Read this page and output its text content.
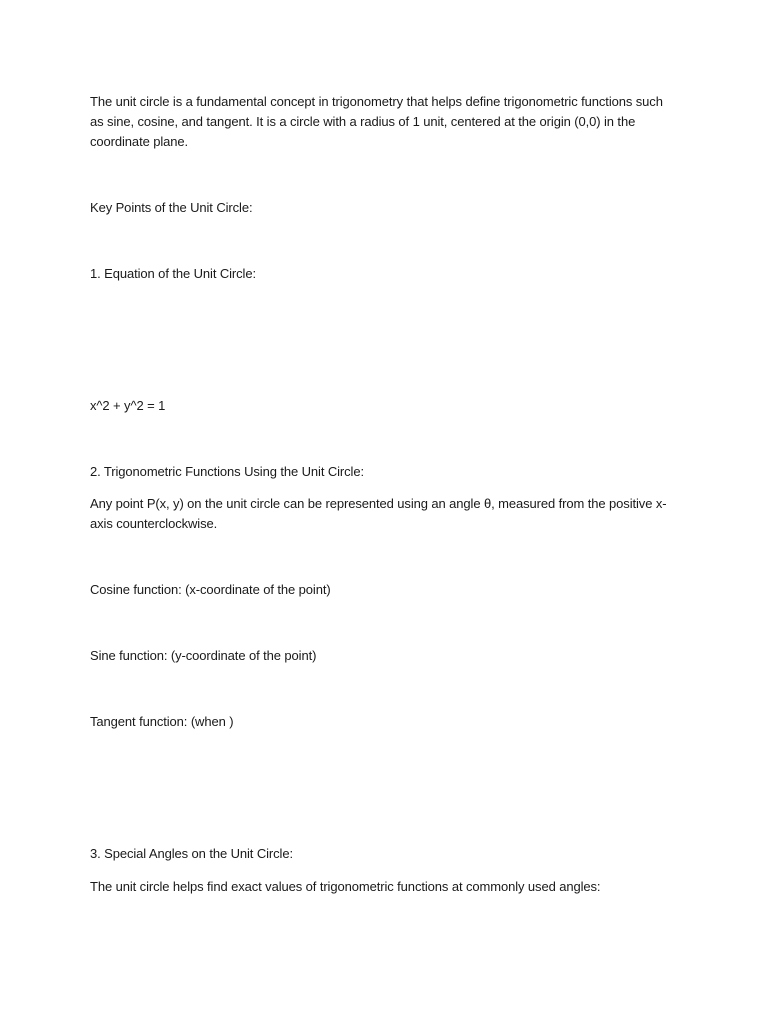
The unit circle is a fundamental concept in trigonometry that helps define trigonometric functions such as sine, cosine, and tangent. It is a circle with a radius of 1 unit, centered at the origin (0,0) in the coordinate plane.

Key Points of the Unit Circle:

1. Equation of the Unit Circle:

x^2 + y^2 = 1

2. Trigonometric Functions Using the Unit Circle:

Any point P(x, y) on the unit circle can be represented using an angle θ, measured from the positive x-axis counterclockwise.

Cosine function: (x-coordinate of the point)

Sine function: (y-coordinate of the point)

Tangent function: (when )

3. Special Angles on the Unit Circle:

The unit circle helps find exact values of trigonometric functions at commonly used angles:
